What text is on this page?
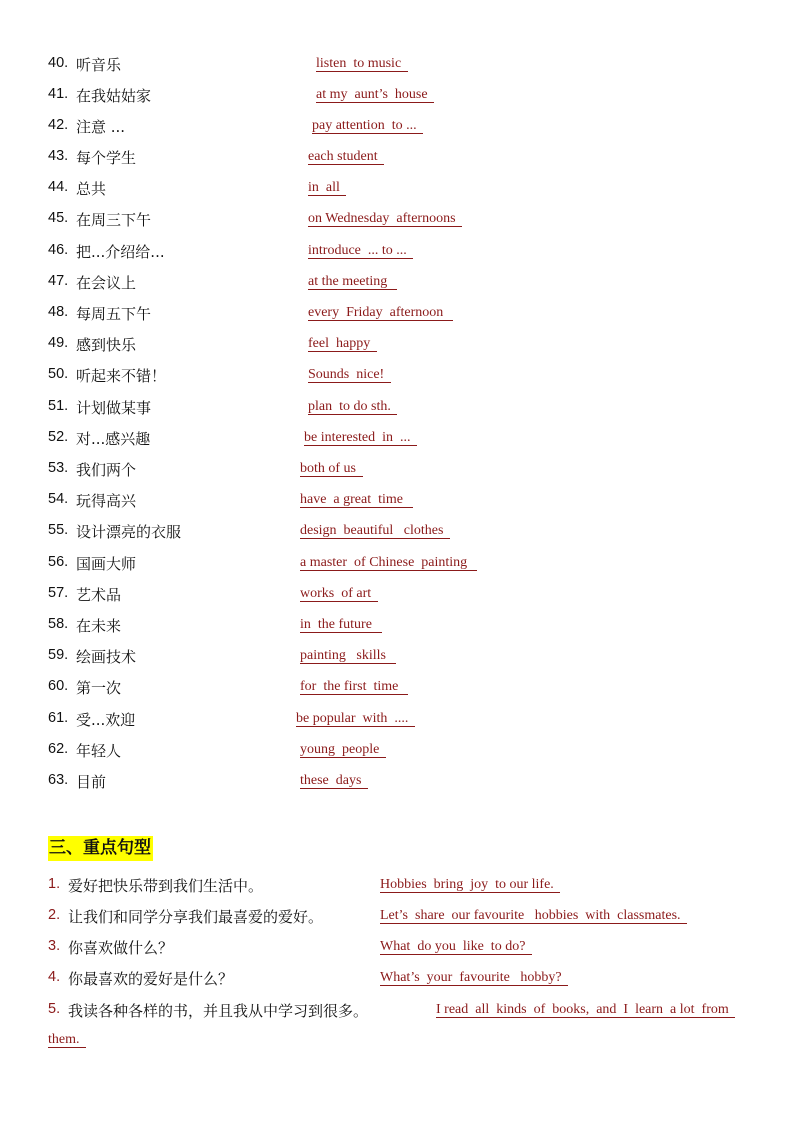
40. 听音乐	listen  to music
41. 在我姑姑家	at my  aunt’s  house
42. 注意 ...	pay attention  to ...
43. 每个学生	each student
44. 总共	in  all
45. 在周三下午	on Wednesday  afternoons
46. 把...介绍给...	introduce  ... to ...
47. 在会议上	at the meeting
48. 每周五下午	every  Friday  afternoon
49. 感到快乐	feel  happy
50. 听起来不错！	Sounds  nice!
51. 计划做某事	plan  to do sth.
52. 对...感兴趣	be interested  in  ...
53. 我们两个	both of us
54. 玩得高兴	have  a great  time
55. 设计漂亮的衣服	design  beautiful   clothes
56. 国画大师	a master  of Chinese  painting
57. 艺术品	works  of art
58. 在未来	in  the future
59. 绘画技术	painting   skills
60. 第一次	for  the first  time
61. 受...欢迎	be popular  with  ....
62. 年轻人	young  people
63. 目前	these  days
三、重点句型
1. 爱好把快乐带到我们生活中。	Hobbies  bring  joy  to our life.
2. 让我们和同学分享我们最喜爱的爱好。	Let’s  share  our favourite   hobbies  with  classmates.
3. 你喜欢做什么？	What  do you  like  to do?
4. 你最喜欢的爱好是什么？	What’s  your  favourite   hobby?
5. 我读各种各样的书，并且我从中学习到很多。	I read  all  kinds  of  books,  and  I  learn  a lot  from
them.
